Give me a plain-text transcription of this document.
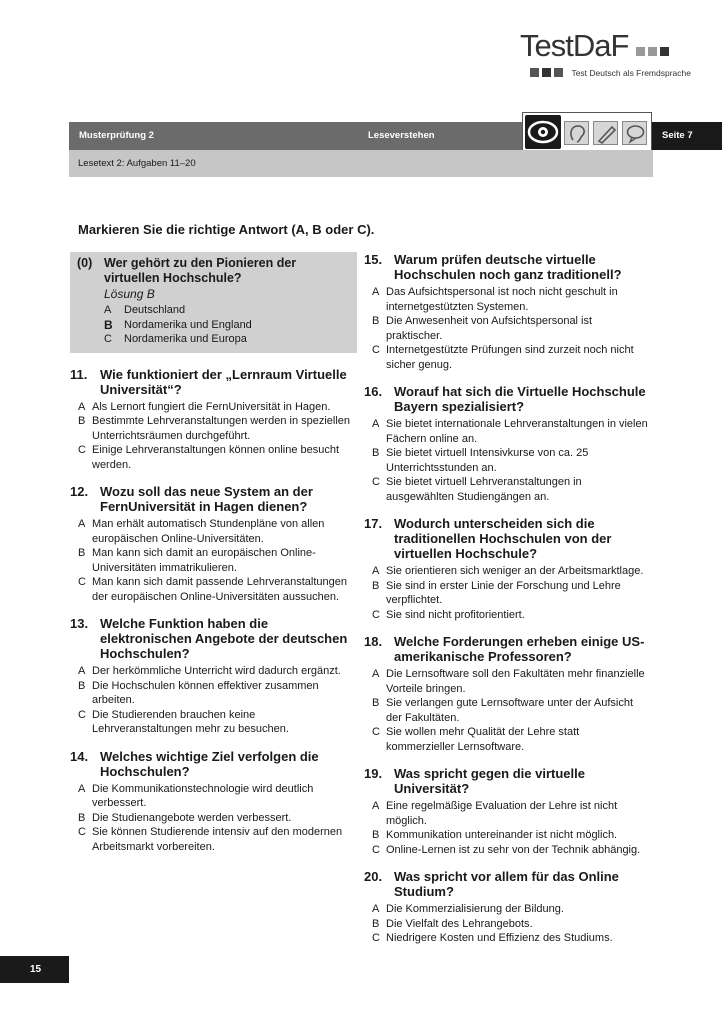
TestDaF
Test Deutsch als Fremdsprache
Musterprüfung 2	Leseverstehen	Seite 7
Lesetext 2: Aufgaben 11–20
Markieren Sie die richtige Antwort (A, B oder C).
(0) Wer gehört zu den Pionieren der virtuellen Hochschule?
Lösung B
A	Deutschland
B	Nordamerika und England
C	Nordamerika und Europa
11. Wie funktioniert der „Lernraum Virtuelle Universität“?
A Als Lernort fungiert die FernUniversität in Hagen.
B Bestimmte Lehrveranstaltungen werden in speziellen Unterrichtsräumen durchgeführt.
C Einige Lehrveranstaltungen können online besucht werden.
12. Wozu soll das neue System an der FernUniversität in Hagen dienen?
A Man erhält automatisch Stundenpläne von allen europäischen Online-Universitäten.
B Man kann sich damit an europäischen Online-Universitäten immatrikulieren.
C Man kann sich damit passende Lehrveranstaltungen der europäischen Online-Universitäten aussuchen.
13. Welche Funktion haben die elektronischen Angebote der deutschen Hochschulen?
A Der herkömmliche Unterricht wird dadurch ergänzt.
B Die Hochschulen können effektiver zusammen arbeiten.
C Die Studierenden brauchen keine Lehrveranstaltungen mehr zu besuchen.
14. Welches wichtige Ziel verfolgen die Hochschulen?
A Die Kommunikationstechnologie wird deutlich verbessert.
B Die Studienangebote werden verbessert.
C Sie können Studierende intensiv auf den modernen Arbeitsmarkt vorbereiten.
15. Warum prüfen deutsche virtuelle Hochschulen noch ganz traditionell?
A Das Aufsichtspersonal ist noch nicht geschult in internetgestützten Systemen.
B Die Anwesenheit von Aufsichtspersonal ist praktischer.
C Internetgestützte Prüfungen sind zurzeit noch nicht sicher genug.
16. Worauf hat sich die Virtuelle Hochschule Bayern spezialisiert?
A Sie bietet internationale Lehrveranstaltungen in vielen Fächern online an.
B Sie bietet virtuell Intensivkurse von ca. 25 Unterrichtsstunden an.
C Sie bietet virtuell Lehrveranstaltungen in ausgewählten Studiengängen an.
17. Wodurch unterscheiden sich die traditionellen Hochschulen von der virtuellen Hochschule?
A Sie orientieren sich weniger an der Arbeitsmarktlage.
B Sie sind in erster Linie der Forschung und Lehre verpflichtet.
C Sie sind nicht profitorientiert.
18. Welche Forderungen erheben einige US-amerikanische Professoren?
A Die Lernsoftware soll den Fakultäten mehr finanzielle Vorteile bringen.
B Sie verlangen gute Lernsoftware unter der Aufsicht der Fakultäten.
C Sie wollen mehr Qualität der Lehre statt kommerzieller Lernsoftware.
19. Was spricht gegen die virtuelle Universität?
A Eine regelmäßige Evaluation der Lehre ist nicht möglich.
B Kommunikation untereinander ist nicht möglich.
C Online-Lernen ist zu sehr von der Technik abhängig.
20. Was spricht vor allem für das Online Studium?
A Die Kommerzialisierung der Bildung.
B Die Vielfalt des Lehrangebots.
C Niedrigere Kosten und Effizienz des Studiums.
15
